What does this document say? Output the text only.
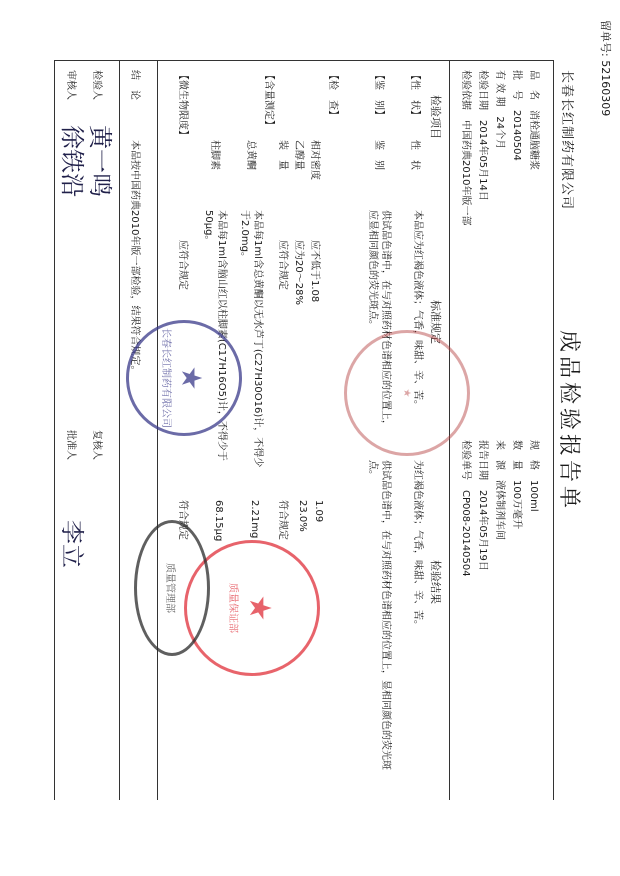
留单号: 52160309
长春长红制药有限公司
成品检验报告单
品　名　消栓通脑糖浆
批　号　20140504
有 效 期　24个月
检验日期　2014年05月14日
检验依据　中国药典2010年版一部
规　格　100ml
数　量　100万毫升
来　源　液体制剂车间
报告日期　2014年05月19日
检验单号　CP008-20140504
检验项目
标准规定
检验结果
【性　状】
【鉴　别】
【检　查】
【含量测定】
【微生物限度】
性　状
本品应为红褐色液体；气香，味甜、辛、苦。
为红褐色液体；气香，味甜、辛、苦。
鉴　别
供试品色谱中，在与对照药材色谱相应的位置上，应显相同颜色的荧光斑点。
供试品色谱中，在与对照药材色谱相应的位置上，显相同颜色的荧光斑点。
相对密度
应不低于1.08
1.09
乙醇量
应为20～28%
23.0%
装　量
应符合规定
符合规定
总黄酮
本品每1ml含总黄酮以无水芦丁(C27H30O16)计，不得少于2.0mg。
2.21mg
柱脚素
本品每1ml含脑山红以柱脚素(C17H16O5)计，不得少于50μg。
68.15μg
应符合规定
符合规定
结　论
本品按中国药典2010年版一部检验，结果符合规定。
检验人
黄一鸣
审核人
徐铁沿
复核人
批准人
李立
★
★
长春长红制药有限公司
★
质量保证部
质量管理部
